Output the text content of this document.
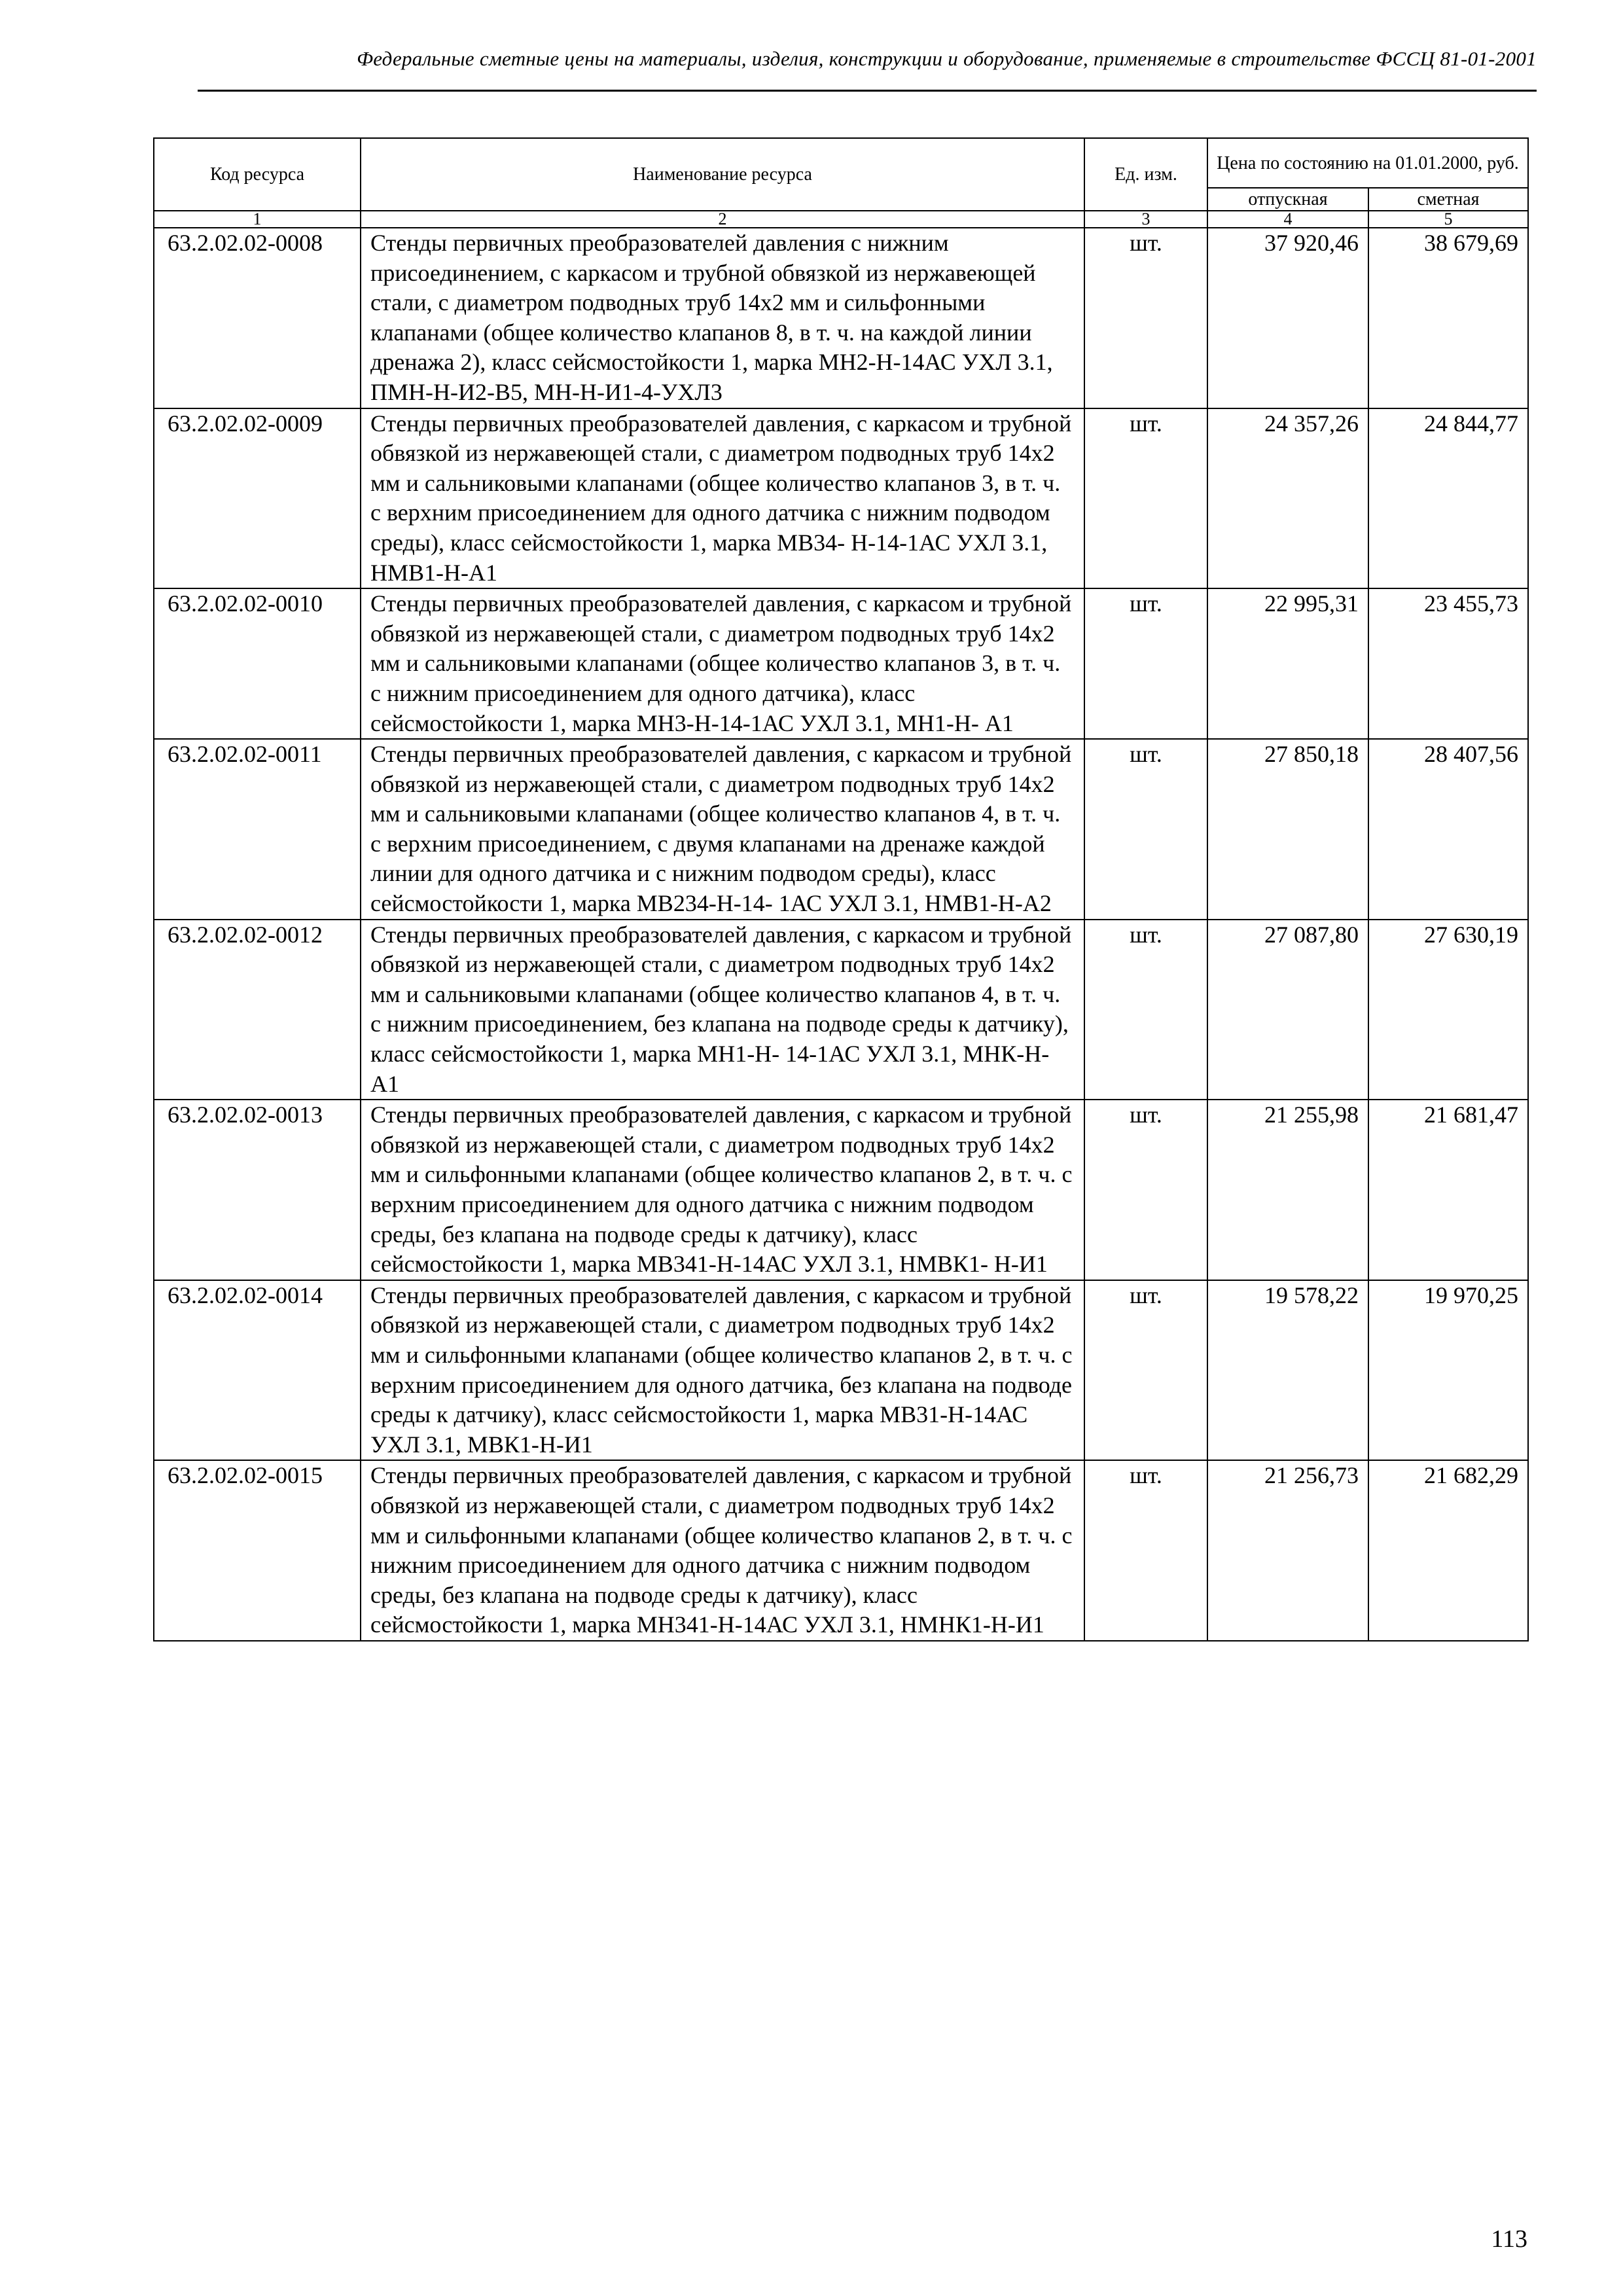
Федеральные сметные цены на материалы, изделия, конструкции и оборудование, применяемые в строительстве ФССЦ 81-01-2001
Код ресурса	Наименование ресурса	Ед. изм.	Цена по состоянию на 01.01.2000, руб.	
			отпускная	сметная
1	2	3	4	5
63.2.02.02-0008	Стенды первичных преобразователей давления с нижним присоединением, с каркасом и трубной обвязкой из нержавеющей стали, с диаметром подводных труб 14х2 мм и сильфонными клапанами (общее количество клапанов 8, в т. ч. на каждой линии дренажа 2), класс сейсмостойкости 1, марка МН2-Н-14АС УХЛ 3.1, ПМН-Н-И2-В5, МН-Н-И1-4-УХЛ3	шт.	37 920,46	38 679,69
63.2.02.02-0009	Стенды первичных преобразователей давления, с каркасом и трубной обвязкой из нержавеющей стали, с диаметром подводных труб 14х2 мм и сальниковыми клапанами (общее количество клапанов 3, в т. ч. с верхним присоединением для одного датчика с нижним подводом среды), класс сейсмостойкости 1, марка МВ34- Н-14-1АС УХЛ 3.1, НМВ1-Н-А1	шт.	24 357,26	24 844,77
63.2.02.02-0010	Стенды первичных преобразователей давления, с каркасом и трубной обвязкой из нержавеющей стали, с диаметром подводных труб 14х2 мм и сальниковыми клапанами (общее количество клапанов 3, в т. ч. с нижним присоединением для одного датчика), класс сейсмостойкости 1, марка МН3-Н-14-1АС УХЛ 3.1, МН1-Н- А1	шт.	22 995,31	23 455,73
63.2.02.02-0011	Стенды первичных преобразователей давления, с каркасом и трубной обвязкой из нержавеющей стали, с диаметром подводных труб 14х2 мм и сальниковыми клапанами (общее количество клапанов 4, в т. ч. с верхним присоединением, с двумя клапанами на дренаже каждой линии для одного датчика и с нижним подводом среды), класс сейсмостойкости 1, марка МВ234-Н-14- 1АС УХЛ 3.1, НМВ1-Н-А2	шт.	27 850,18	28 407,56
63.2.02.02-0012	Стенды первичных преобразователей давления, с каркасом и трубной обвязкой из нержавеющей стали, с диаметром подводных труб 14х2 мм и сальниковыми клапанами (общее количество клапанов 4, в т. ч. с нижним присоединением, без клапана на подводе среды к датчику), класс сейсмостойкости 1, марка МН1-Н- 14-1АС УХЛ 3.1, МНК-Н-А1	шт.	27 087,80	27 630,19
63.2.02.02-0013	Стенды первичных преобразователей давления, с каркасом и трубной обвязкой из нержавеющей стали, с диаметром подводных труб 14х2 мм и сильфонными клапанами (общее количество клапанов 2, в т. ч. с верхним присоединением для одного датчика с нижним подводом среды, без клапана на подводе среды к датчику), класс сейсмостойкости 1, марка МВ341-Н-14АС УХЛ 3.1, НМВК1- Н-И1	шт.	21 255,98	21 681,47
63.2.02.02-0014	Стенды первичных преобразователей давления, с каркасом и трубной обвязкой из нержавеющей стали, с диаметром подводных труб 14х2 мм и сильфонными клапанами (общее количество клапанов 2, в т. ч. с верхним присоединением для одного датчика, без клапана на подводе среды к датчику), класс сейсмостойкости 1, марка МВ31-Н-14АС УХЛ 3.1, МВК1-Н-И1	шт.	19 578,22	19 970,25
63.2.02.02-0015	Стенды первичных преобразователей давления, с каркасом и трубной обвязкой из нержавеющей стали, с диаметром подводных труб 14х2 мм и сильфонными клапанами (общее количество клапанов 2, в т. ч. с нижним присоединением для одного датчика с нижним подводом среды, без клапана на подводе среды к датчику), класс сейсмостойкости 1, марка МН341-Н-14АС УХЛ 3.1, НМНК1-Н-И1	шт.	21 256,73	21 682,29
113
